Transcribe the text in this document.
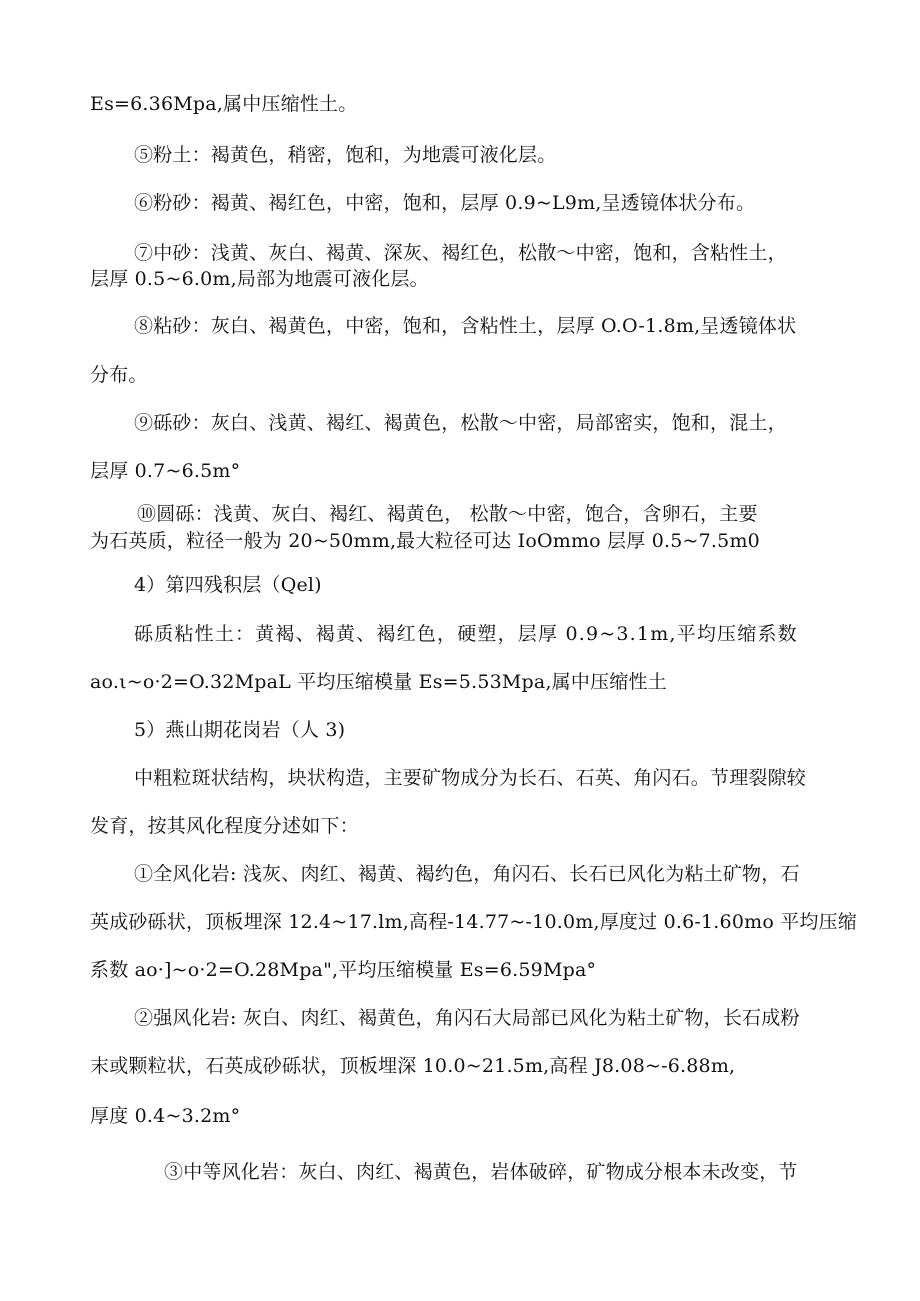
Es=6.36Mpa,属中压缩性土。
⑤粉土：褐黄色，稍密，饱和，为地震可液化层。
⑥粉砂：褐黄、褐红色，中密，饱和，层厚 0.9~L9m,呈透镜体状分布。
⑦中砂：浅黄、灰白、褐黄、深灰、褐红色，松散〜中密，饱和，含粘性土，
层厚 0.5~6.0m,局部为地震可液化层。
⑧粘砂：灰白、褐黄色，中密，饱和，含粘性土，层厚 O.O-1.8m,呈透镜体状
分布。
⑨砾砂：灰白、浅黄、褐红、褐黄色，松散〜中密，局部密实，饱和，混土，
层厚 0.7~6.5m°
⑩圆砾：浅黄、灰白、褐红、褐黄色， 松散〜中密，饱合，含卵石，主要
为石英质，粒径一般为 20~50mm,最大粒径可达 IoOmmo 层厚 0.5~7.5m0
4）第四残积层（Qel)
砾质粘性土：黄褐、褐黄、褐红色，硬塑，层厚 0.9~3.1m,平均压缩系数
ao.ι~o·2=O.32MpaL 平均压缩模量 Es=5.53Mpa,属中压缩性土
5）燕山期花岗岩（人 3)
中粗粒斑状结构，块状构造，主要矿物成分为长石、石英、角闪石。节理裂隙较
发育，按其风化程度分述如下：
①全风化岩: 浅灰、肉红、褐黄、褐约色，角闪石、长石已风化为粘土矿物，石
英成砂砾状，顶板埋深 12.4~17.lm,高程-14.77~-10.0m,厚度过 0.6-1.60mo 平均压缩
系数 ao·]~o·2=O.28Mpa",平均压缩模量 Es=6.59Mpa°
②强风化岩: 灰白、肉红、褐黄色，角闪石大局部已风化为粘土矿物，长石成粉
末或颗粒状，石英成砂砾状，顶板埋深 10.0~21.5m,高程 J8.08~-6.88m,
厚度 0.4~3.2m°
③中等风化岩：灰白、肉红、褐黄色，岩体破碎，矿物成分根本未改变，节
